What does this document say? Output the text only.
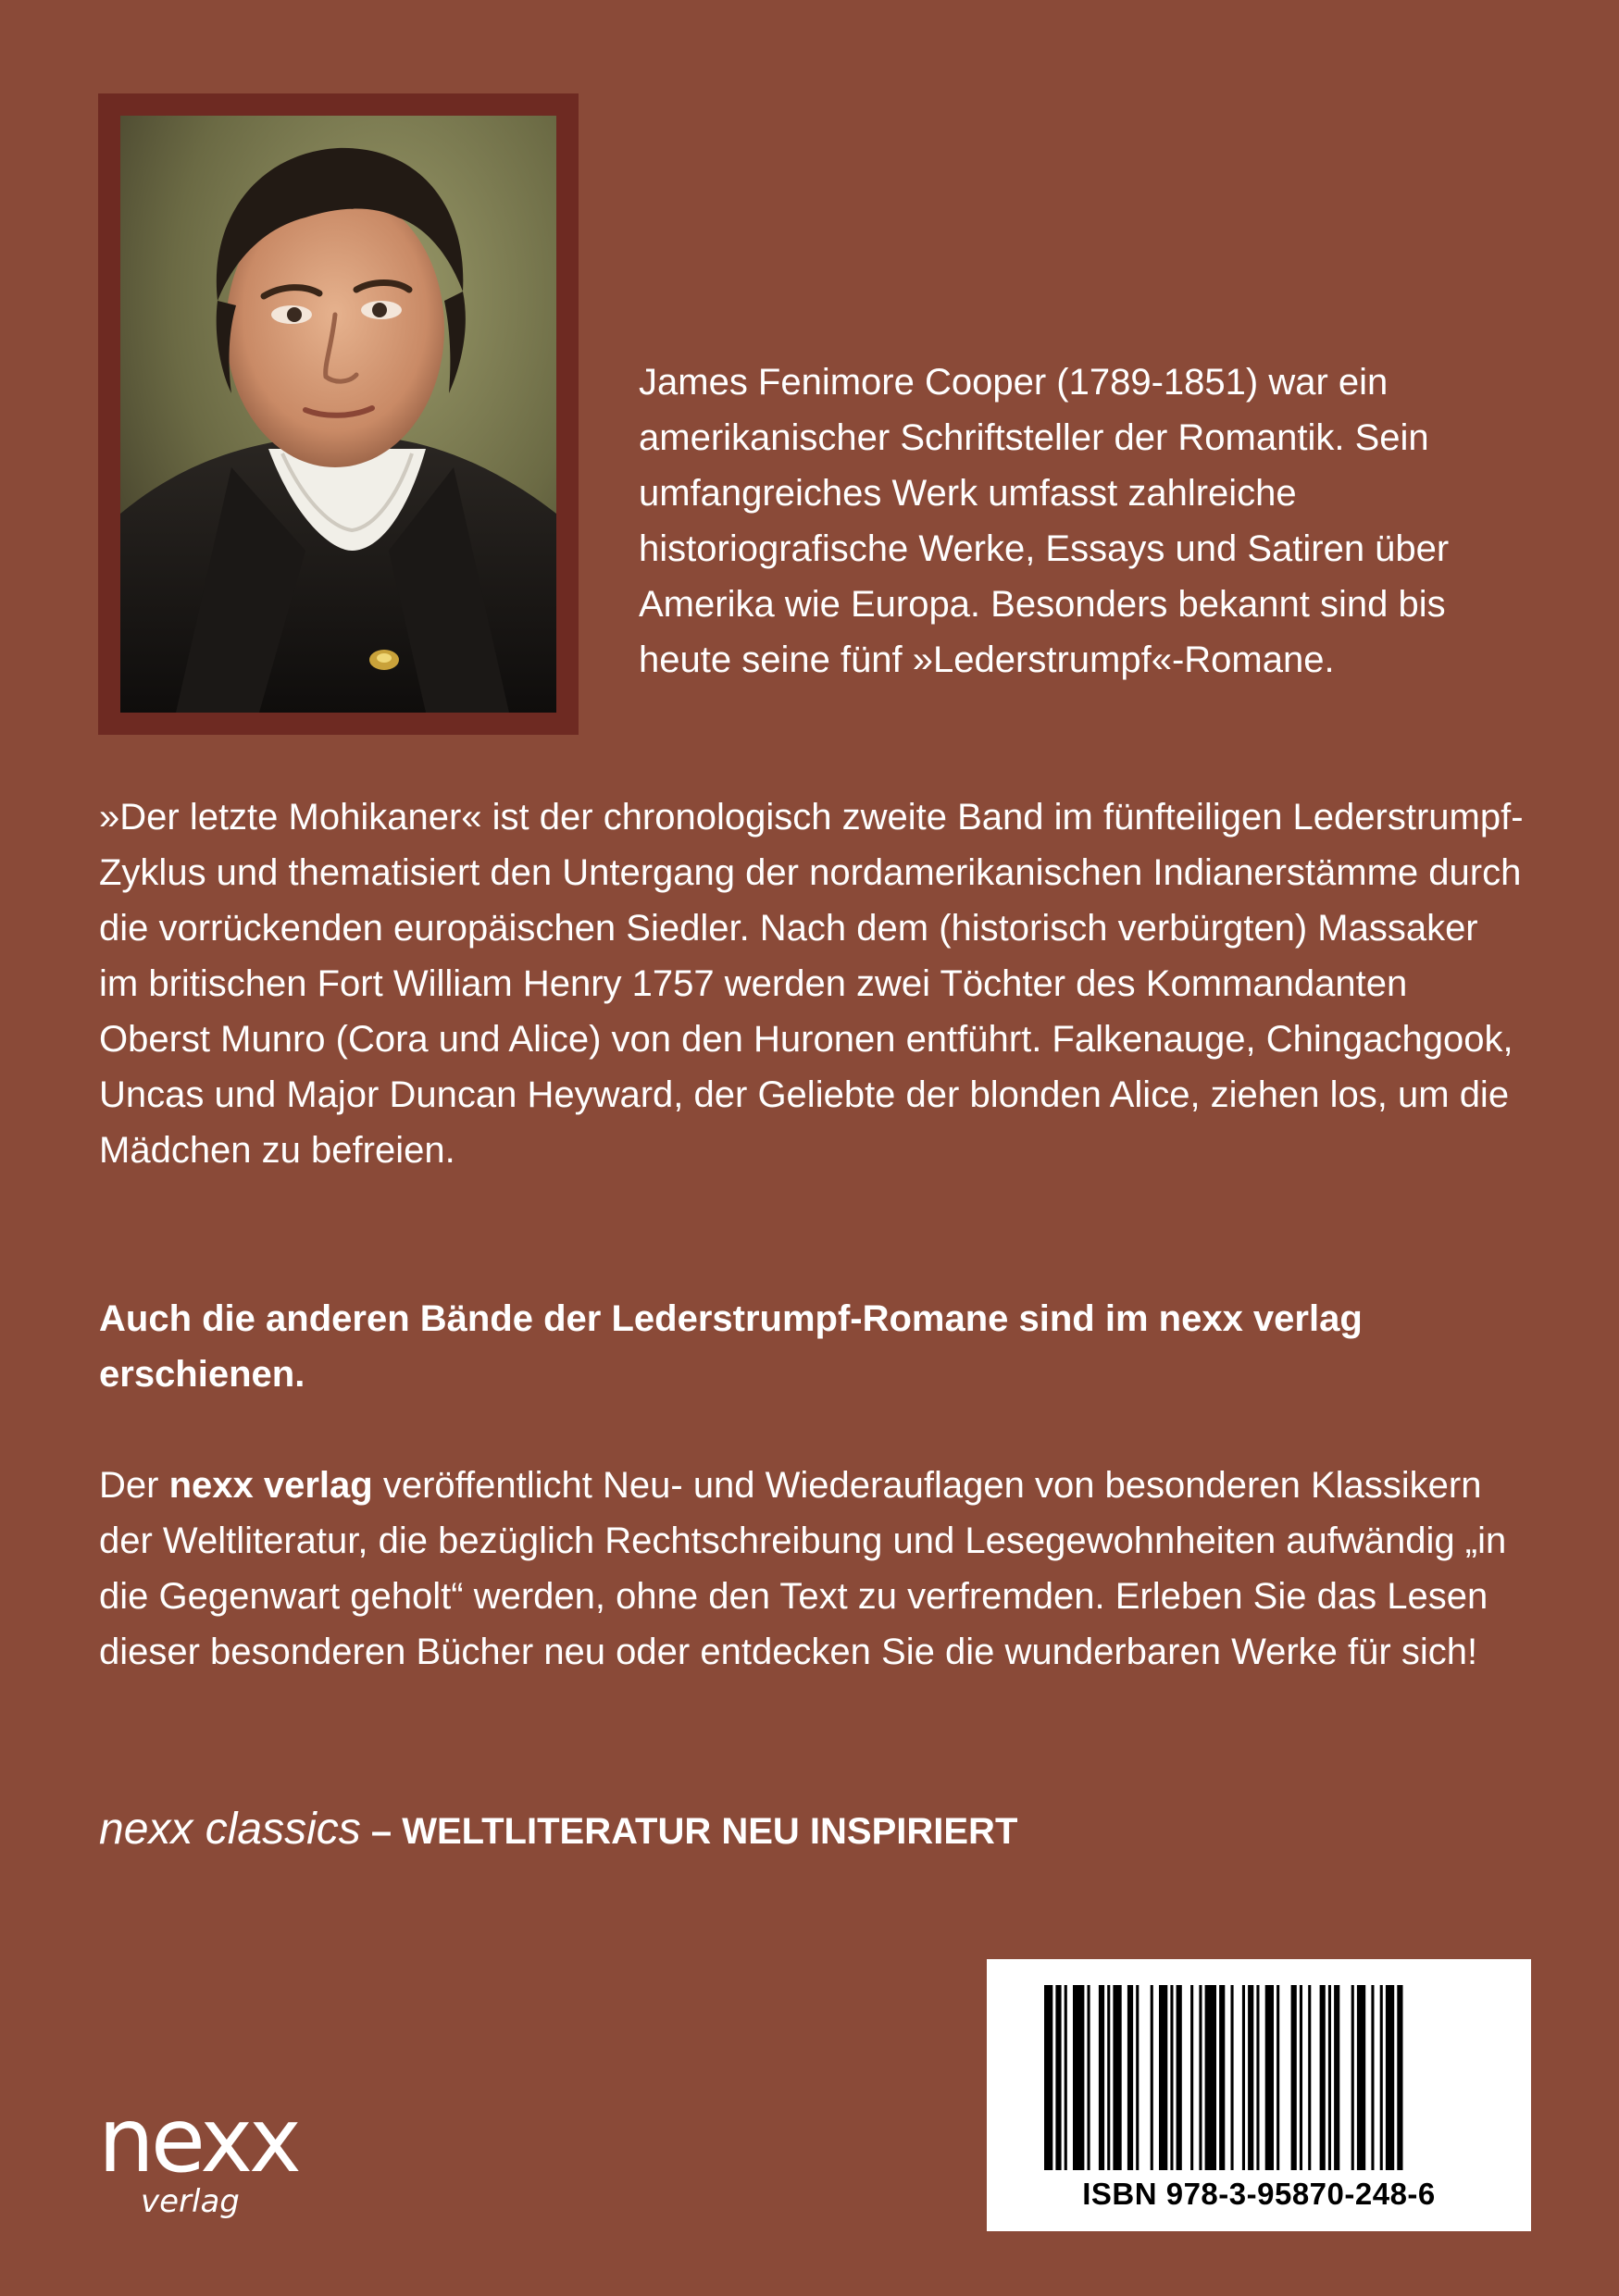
James Fenimore Cooper (1789-1851) war ein amerikanischer Schriftsteller der Romantik. Sein umfangreiches Werk umfasst zahlreiche historiografische Werke, Essays und Satiren über Amerika wie Europa. Besonders bekannt sind bis heute seine fünf »Lederstrumpf«-Romane.

»Der letzte Mohikaner« ist der chronologisch zweite Band im fünfteiligen Lederstrumpf-Zyklus und thematisiert den Untergang der nordamerikanischen Indianerstämme durch die vorrückenden europäischen Siedler. Nach dem (historisch verbürgten) Massaker im britischen Fort William Henry 1757 werden zwei Töchter des Kommandanten Oberst Munro (Cora und Alice) von den Huronen entführt. Falkenauge, Chingachgook, Uncas und Major Duncan Heyward, der Geliebte der blonden Alice, ziehen los, um die Mädchen zu befreien.

Auch die anderen Bände der Lederstrumpf-Romane sind im nexx verlag erschienen.

Der nexx verlag veröffentlicht Neu- und Wiederauflagen von besonderen Klassikern der Weltliteratur, die bezüglich Rechtschreibung und Lesegewohnheiten aufwändig „in die Gegenwart geholt“ werden, ohne den Text zu verfremden. Erleben Sie das Lesen dieser besonderen Bücher neu oder entdecken Sie die wunderbaren Werke für sich!

nexx classics – WELTLITERATUR NEU INSPIRIERT

nexx
verlag	ISBN 978-3-95870-248-6
